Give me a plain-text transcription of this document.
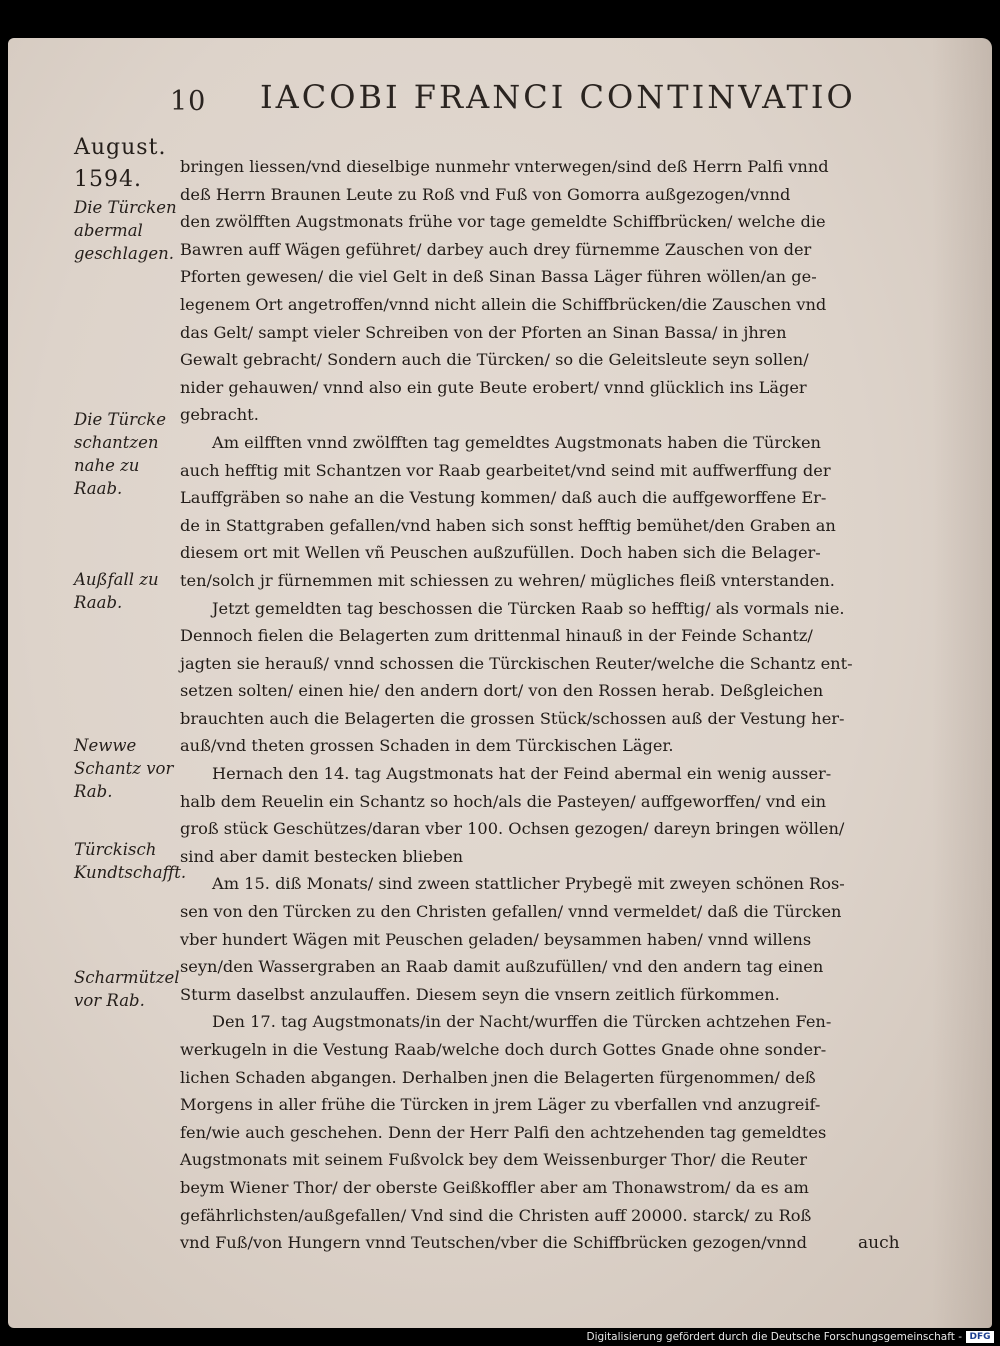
10 IACOBI FRANCI CONTINVATIO
August.
1594.
Die Türcken abermal geschlagen.
Die Türcke schantzen nahe zu Raab.
Außfall zu Raab.
Newwe Schantz vor Rab.
Türckisch Kundtschafft.
Scharmützel vor Rab.
bringen liessen/vnd dieselbige nunmehr vnterwegen/sind deß Herrn Palfi vnnd
deß Herrn Braunen Leute zu Roß vnd Fuß von Gomorra außgezogen/vnnd
den zwölfften Augstmonats frühe vor tage gemeldte Schiffbrücken/ welche die
Bawren auff Wägen geführet/ darbey auch drey fürnemme Zauschen von der
Pforten gewesen/ die viel Gelt in deß Sinan Bassa Läger führen wöllen/an ge-
legenem Ort angetroffen/vnnd nicht allein die Schiffbrücken/die Zauschen vnd
das Gelt/ sampt vieler Schreiben von der Pforten an Sinan Bassa/ in jhren
Gewalt gebracht/ Sondern auch die Türcken/ so die Geleitsleute seyn sollen/
nider gehauwen/ vnnd also ein gute Beute erobert/ vnnd glücklich ins Läger
gebracht.
Am eilfften vnnd zwölfften tag gemeldtes Augstmonats haben die Türcken
auch hefftig mit Schantzen vor Raab gearbeitet/vnd seind mit auffwerffung der
Lauffgräben so nahe an die Vestung kommen/ daß auch die auffgeworffene Er-
de in Stattgraben gefallen/vnd haben sich sonst hefftig bemühet/den Graben an
diesem ort mit Wellen vñ Peuschen außzufüllen. Doch haben sich die Belager-
ten/solch jr fürnemmen mit schiessen zu wehren/ mügliches fleiß vnterstanden.
Jetzt gemeldten tag beschossen die Türcken Raab so hefftig/ als vormals nie.
Dennoch fielen die Belagerten zum drittenmal hinauß in der Feinde Schantz/
jagten sie herauß/ vnnd schossen die Türckischen Reuter/welche die Schantz ent-
setzen solten/ einen hie/ den andern dort/ von den Rossen herab. Deßgleichen
brauchten auch die Belagerten die grossen Stück/schossen auß der Vestung her-
auß/vnd theten grossen Schaden in dem Türckischen Läger.
Hernach den 14. tag Augstmonats hat der Feind abermal ein wenig ausser-
halb dem Reuelin ein Schantz so hoch/als die Pasteyen/ auffgeworffen/ vnd ein
groß stück Geschützes/daran vber 100. Ochsen gezogen/ dareyn bringen wöllen/
sind aber damit bestecken blieben
Am 15. diß Monats/ sind zween stattlicher Prybegë mit zweyen schönen Ros-
sen von den Türcken zu den Christen gefallen/ vnnd vermeldet/ daß die Türcken
vber hundert Wägen mit Peuschen geladen/ beysammen haben/ vnnd willens
seyn/den Wassergraben an Raab damit außzufüllen/ vnd den andern tag einen
Sturm daselbst anzulauffen. Diesem seyn die vnsern zeitlich fürkommen.
Den 17. tag Augstmonats/in der Nacht/wurffen die Türcken achtzehen Fen-
werkugeln in die Vestung Raab/welche doch durch Gottes Gnade ohne sonder-
lichen Schaden abgangen. Derhalben jnen die Belagerten fürgenommen/ deß
Morgens in aller frühe die Türcken in jrem Läger zu vberfallen vnd anzugreif-
fen/wie auch geschehen. Denn der Herr Palfi den achtzehenden tag gemeldtes
Augstmonats mit seinem Fußvolck bey dem Weissenburger Thor/ die Reuter
beym Wiener Thor/ der oberste Geißkoffler aber am Thonawstrom/ da es am
gefährlichsten/außgefallen/ Vnd sind die Christen auff 20000. starck/ zu Roß
vnd Fuß/von Hungern vnnd Teutschen/vber die Schiffbrücken gezogen/vnnd	auch
Digitalisierung gefördert durch die Deutsche Forschungsgemeinschaft - DFG
